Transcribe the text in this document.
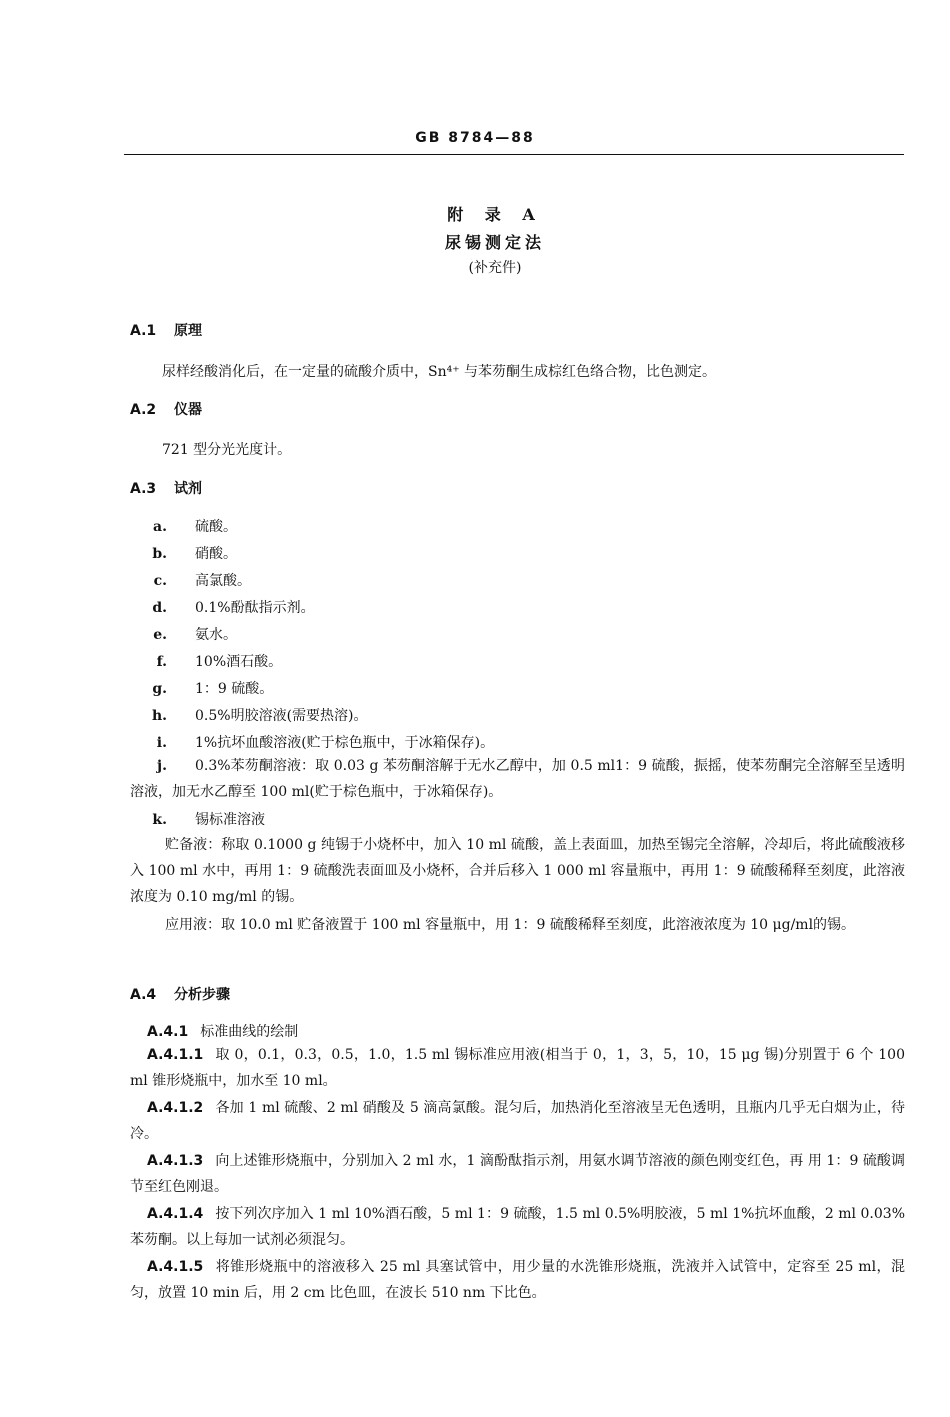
GB 8784—88
附 录 A
尿锡测定法
(补充件)
A.1 原理
尿样经酸消化后，在一定量的硫酸介质中，Sn⁴⁺ 与苯芴酮生成棕红色络合物，比色测定。
A.2 仪器
721 型分光光度计。
A.3 试剂
a. 硫酸。
b. 硝酸。
c. 高氯酸。
d. 0.1%酚酞指示剂。
e. 氨水。
f. 10%酒石酸。
g. 1：9 硫酸。
h. 0.5%明胶溶液(需要热溶)。
i. 1%抗坏血酸溶液(贮于棕色瓶中，于冰箱保存)。
j. 0.3%苯芴酮溶液：取 0.03 g 苯芴酮溶解于无水乙醇中，加 0.5 ml1：9 硫酸，振摇，使苯芴酮完全溶解至呈透明溶液，加无水乙醇至 100 ml(贮于棕色瓶中，于冰箱保存)。
k. 锡标准溶液
贮备液：称取 0.1000 g 纯锡于小烧杯中，加入 10 ml 硫酸，盖上表面皿，加热至锡完全溶解，冷却后，将此硫酸液移入 100 ml 水中，再用 1：9 硫酸洗表面皿及小烧杯，合并后移入 1 000 ml 容量瓶中，再用 1：9 硫酸稀释至刻度，此溶液浓度为 0.10 mg/ml 的锡。
应用液：取 10.0 ml 贮备液置于 100 ml 容量瓶中，用 1：9 硫酸稀释至刻度，此溶液浓度为 10 μg/ml的锡。
A.4 分析步骤
A.4.1 标准曲线的绘制
A.4.1.1 取 0，0.1，0.3，0.5，1.0，1.5 ml 锡标准应用液(相当于 0，1，3，5，10，15 μg 锡)分别置于 6 个 100 ml 锥形烧瓶中，加水至 10 ml。
A.4.1.2 各加 1 ml 硫酸、2 ml 硝酸及 5 滴高氯酸。混匀后，加热消化至溶液呈无色透明，且瓶内几乎无白烟为止，待冷。
A.4.1.3 向上述锥形烧瓶中，分别加入 2 ml 水，1 滴酚酞指示剂，用氨水调节溶液的颜色刚变红色，再 用 1：9 硫酸调节至红色刚退。
A.4.1.4 按下列次序加入 1 ml 10%酒石酸，5 ml 1：9 硫酸，1.5 ml 0.5%明胶液，5 ml 1%抗坏血酸，2 ml 0.03%苯芴酮。以上每加一试剂必须混匀。
A.4.1.5 将锥形烧瓶中的溶液移入 25 ml 具塞试管中，用少量的水洗锥形烧瓶，洗液并入试管中，定容至 25 ml，混匀，放置 10 min 后，用 2 cm 比色皿，在波长 510 nm 下比色。
